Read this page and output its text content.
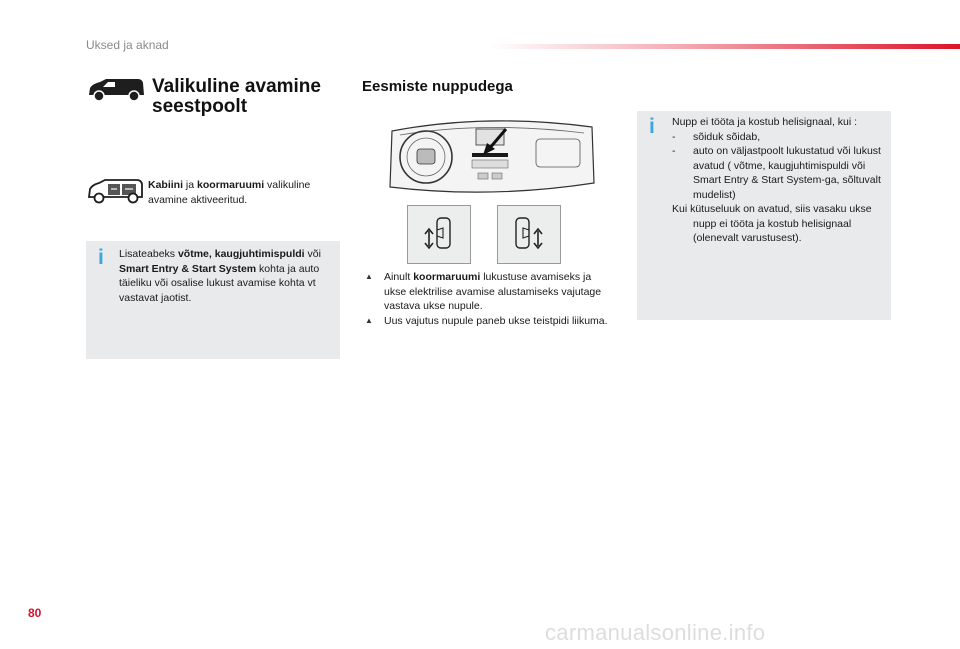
Uksed ja aknad
Valikuline avamine seestpoolt
Kabiini ja koormaruumi valikuline avamine aktiveeritud.
i Lisateabeks võtme, kaugjuhtimispuldi või Smart Entry & Start System kohta ja auto täieliku või osalise lukust avamise kohta vt vastavat jaotist.
Eesmiste nuppudega
▲	Ainult koormaruumi lukustuse avamiseks ja ukse elektrilise avamise alustamiseks vajutage vastava ukse nupule.
▲	Uus vajutus nupule paneb ukse teistpidi liikuma.
i Nupp ei tööta ja kostub helisignaal, kui :
-	sõiduk sõidab,
-	auto on väljastpoolt lukustatud või lukust avatud ( võtme, kaugjuhtimispuldi või Smart Entry & Start System-ga, sõltuvalt mudelist)
Kui kütuseluuk on avatud, siis vasaku ukse nupp ei tööta ja kostub helisignaal (olenevalt varustusest).
80
carmanualsonline.info
